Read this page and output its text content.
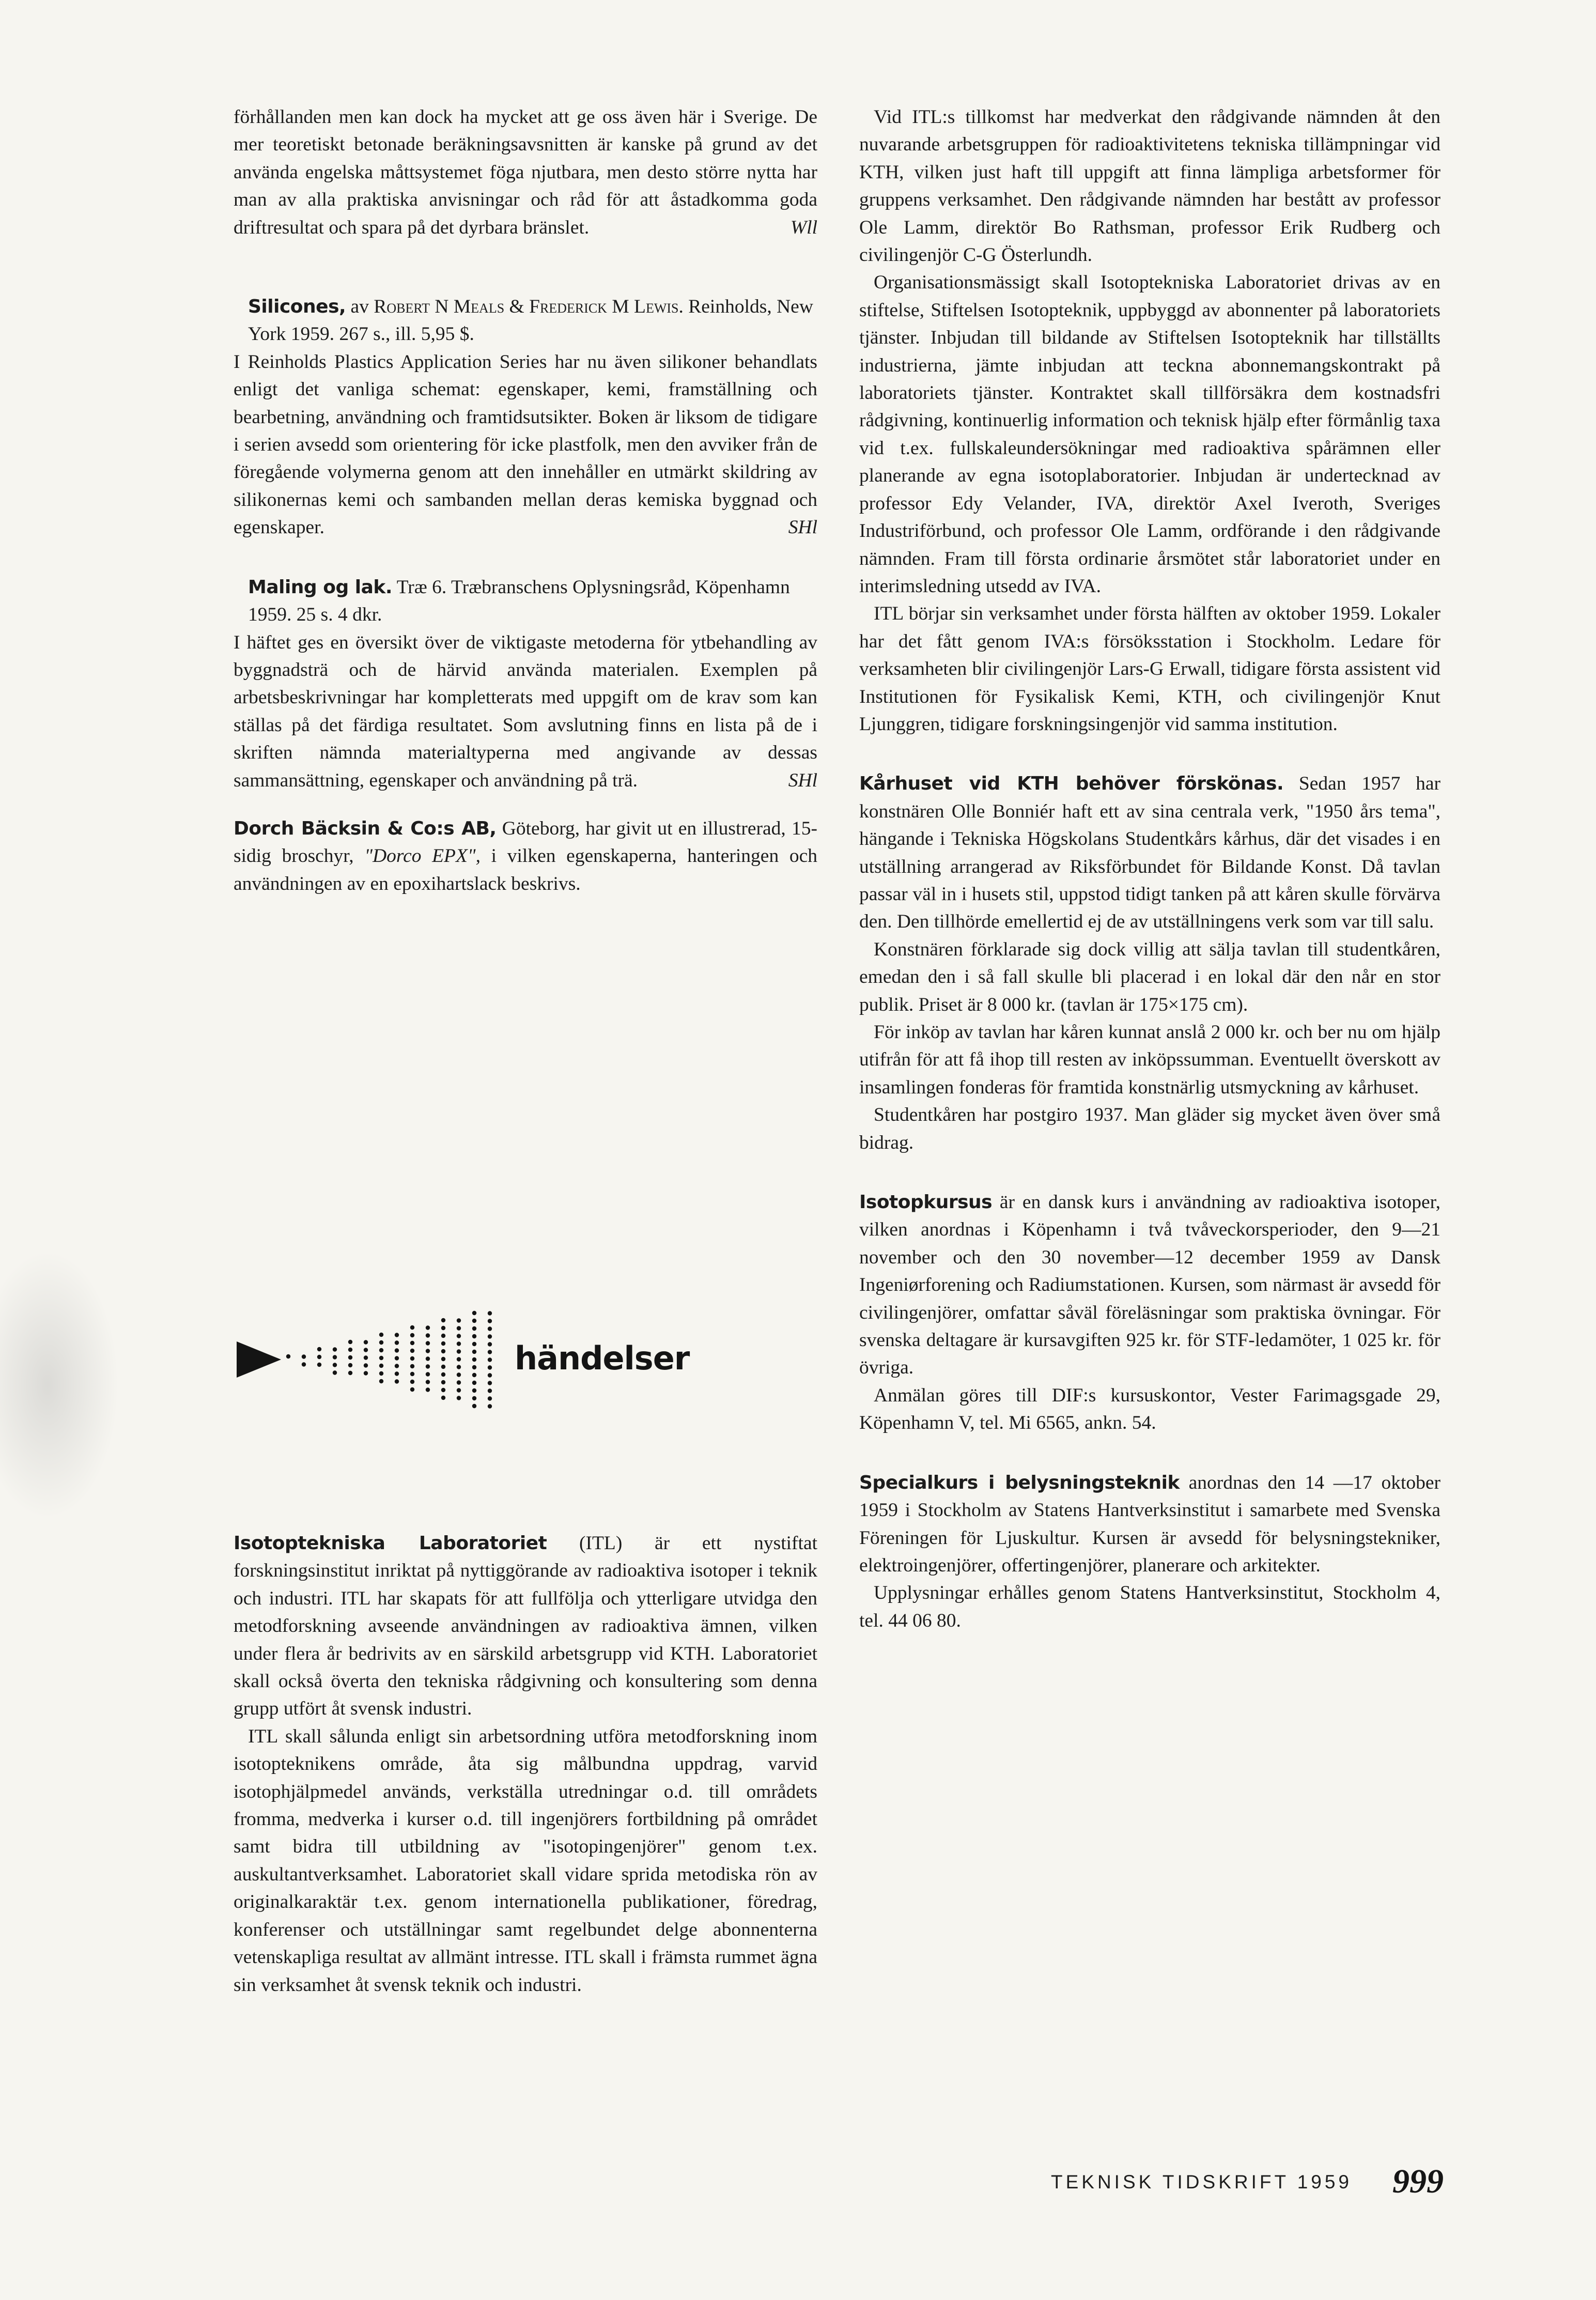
förhållanden men kan dock ha mycket att ge oss även här i Sverige. De mer teoretiskt betonade beräkningsavsnitten är kanske på grund av det använda engelska måttsystemet föga njutbara, men desto större nytta har man av alla praktiska anvisningar och råd för att åstadkomma goda driftresultat och spara på det dyrbara bränslet.	Wll

Silicones, av Robert N Meals & Frederick M Lewis. Reinholds, New York 1959. 267 s., ill. 5,95 $.

I Reinholds Plastics Application Series har nu även silikoner behandlats enligt det vanliga schemat: egenskaper, kemi, framställning och bearbetning, användning och framtidsutsikter. Boken är liksom de tidigare i serien avsedd som orientering för icke plastfolk, men den avviker från de föregående volymerna genom att den innehåller en utmärkt skildring av silikonernas kemi och sambanden mellan deras kemiska byggnad och egenskaper.	SHl

Maling og lak. Træ 6. Træbranschens Oplysningsråd, Köpenhamn 1959. 25 s. 4 dkr.

I häftet ges en översikt över de viktigaste metoderna för ytbehandling av byggnadsträ och de härvid använda materialen. Exemplen på arbetsbeskrivningar har kompletterats med uppgift om de krav som kan ställas på det färdiga resultatet. Som avslutning finns en lista på de i skriften nämnda materialtyperna med angivande av dessas sammansättning, egenskaper och användning på trä.	SHl

Dorch Bäcksin & Co:s AB, Göteborg, har givit ut en illustrerad, 15-sidig broschyr, "Dorco EPX", i vilken egenskaperna, hanteringen och användningen av en epoxihartslack beskrivs.

händelser

Isotoptekniska Laboratoriet (ITL) är ett nystiftat forskningsinstitut inriktat på nyttiggörande av radioaktiva isotoper i teknik och industri. ITL har skapats för att fullfölja och ytterligare utvidga den metodforskning avseende användningen av radioaktiva ämnen, vilken under flera år bedrivits av en särskild arbetsgrupp vid KTH. Laboratoriet skall också överta den tekniska rådgivning och konsultering som denna grupp utfört åt svensk industri.

ITL skall sålunda enligt sin arbetsordning utföra metodforskning inom isotopteknikens område, åta sig målbundna uppdrag, varvid isotophjälpmedel används, verkställa utredningar o.d. till områdets fromma, medverka i kurser o.d. till ingenjörers fortbildning på området samt bidra till utbildning av "isotopingenjörer" genom t.ex. auskultantverksamhet. Laboratoriet skall vidare sprida metodiska rön av originalkaraktär t.ex. genom internationella publikationer, föredrag, konferenser och utställningar samt regelbundet delge abonnenterna vetenskapliga resultat av allmänt intresse. ITL skall i främsta rummet ägna sin verksamhet åt svensk teknik och industri.

Vid ITL:s tillkomst har medverkat den rådgivande nämnden åt den nuvarande arbetsgruppen för radioaktivitetens tekniska tillämpningar vid KTH, vilken just haft till uppgift att finna lämpliga arbetsformer för gruppens verksamhet. Den rådgivande nämnden har bestått av professor Ole Lamm, direktör Bo Rathsman, professor Erik Rudberg och civilingenjör C-G Österlundh.

Organisationsmässigt skall Isotoptekniska Laboratoriet drivas av en stiftelse, Stiftelsen Isotopteknik, uppbyggd av abonnenter på laboratoriets tjänster. Inbjudan till bildande av Stiftelsen Isotopteknik har tillställts industrierna, jämte inbjudan att teckna abonnemangskontrakt på laboratoriets tjänster. Kontraktet skall tillförsäkra dem kostnadsfri rådgivning, kontinuerlig information och teknisk hjälp efter förmånlig taxa vid t.ex. fullskaleundersökningar med radioaktiva spårämnen eller planerande av egna isotoplaboratorier. Inbjudan är undertecknad av professor Edy Velander, IVA, direktör Axel Iveroth, Sveriges Industriförbund, och professor Ole Lamm, ordförande i den rådgivande nämnden. Fram till första ordinarie årsmötet står laboratoriet under en interimsledning utsedd av IVA.

ITL börjar sin verksamhet under första hälften av oktober 1959. Lokaler har det fått genom IVA:s försöksstation i Stockholm. Ledare för verksamheten blir civilingenjör Lars-G Erwall, tidigare första assistent vid Institutionen för Fysikalisk Kemi, KTH, och civilingenjör Knut Ljunggren, tidigare forskningsingenjör vid samma institution.

Kårhuset vid KTH behöver förskönas. Sedan 1957 har konstnären Olle Bonniér haft ett av sina centrala verk, "1950 års tema", hängande i Tekniska Högskolans Studentkårs kårhus, där det visades i en utställning arrangerad av Riksförbundet för Bildande Konst. Då tavlan passar väl in i husets stil, uppstod tidigt tanken på att kåren skulle förvärva den. Den tillhörde emellertid ej de av utställningens verk som var till salu.

Konstnären förklarade sig dock villig att sälja tavlan till studentkåren, emedan den i så fall skulle bli placerad i en lokal där den når en stor publik. Priset är 8 000 kr. (tavlan är 175×175 cm).

För inköp av tavlan har kåren kunnat anslå 2 000 kr. och ber nu om hjälp utifrån för att få ihop till resten av inköpssumman. Eventuellt överskott av insamlingen fonderas för framtida konstnärlig utsmyckning av kårhuset.

Studentkåren har postgiro 1937. Man gläder sig mycket även över små bidrag.

Isotopkursus är en dansk kurs i användning av radioaktiva isotoper, vilken anordnas i Köpenhamn i två tvåveckorsperioder, den 9—21 november och den 30 november—12 december 1959 av Dansk Ingeniørforening och Radiumstationen. Kursen, som närmast är avsedd för civilingenjörer, omfattar såväl föreläsningar som praktiska övningar. För svenska deltagare är kursavgiften 925 kr. för STF-ledamöter, 1 025 kr. för övriga.

Anmälan göres till DIF:s kursuskontor, Vester Farimagsgade 29, Köpenhamn V, tel. Mi 6565, ankn. 54.

Specialkurs i belysningsteknik anordnas den 14 —17 oktober 1959 i Stockholm av Statens Hantverksinstitut i samarbete med Svenska Föreningen för Ljuskultur. Kursen är avsedd för belysningstekniker, elektroingenjörer, offertingenjörer, planerare och arkitekter.

Upplysningar erhålles genom Statens Hantverksinstitut, Stockholm 4, tel. 44 06 80.

TEKNISK TIDSKRIFT 1959 999
